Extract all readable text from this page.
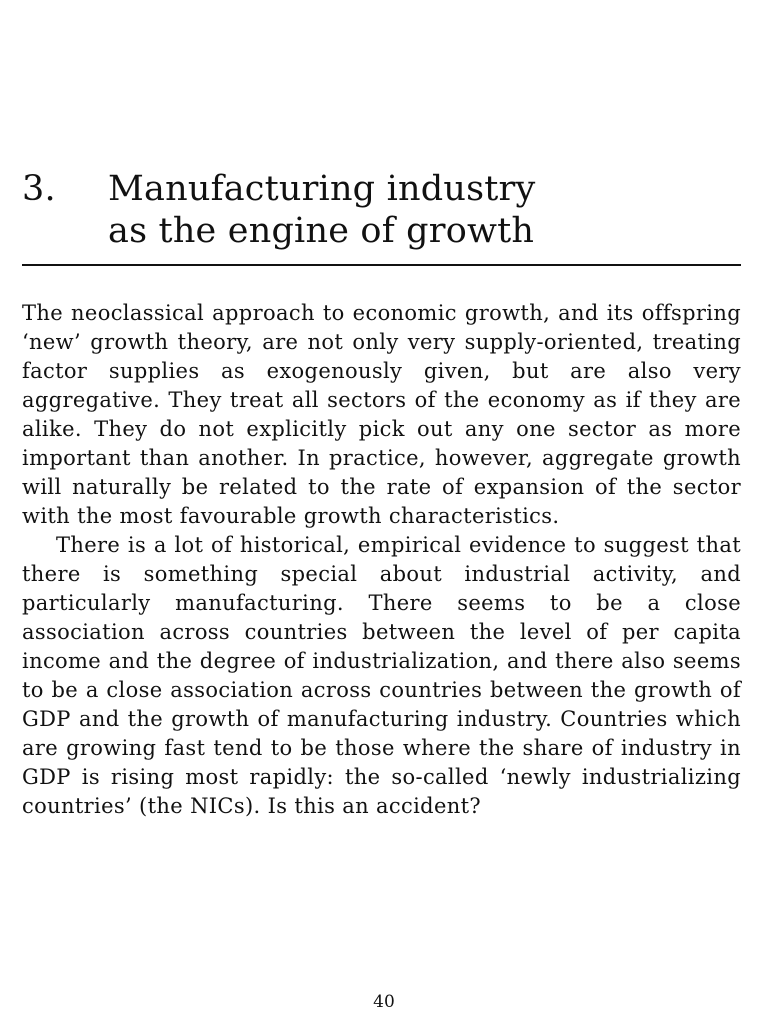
3. Manufacturing industry
as the engine of growth

The neoclassical approach to economic growth, and its offspring ‘new’ growth theory, are not only very supply-oriented, treating factor supplies as exogenously given, but are also very aggregative. They treat all sectors of the economy as if they are alike. They do not explicitly pick out any one sector as more important than another. In practice, however, aggregate growth will naturally be related to the rate of expansion of the sector with the most favourable growth characteristics.

There is a lot of historical, empirical evidence to suggest that there is something special about industrial activity, and particularly manufacturing. There seems to be a close association across countries between the level of per capita income and the degree of industrialization, and there also seems to be a close association across countries between the growth of GDP and the growth of manufacturing industry. Countries which are growing fast tend to be those where the share of industry in GDP is rising most rapidly: the so-called ‘newly industrializing countries’ (the NICs). Is this an accident?

40
